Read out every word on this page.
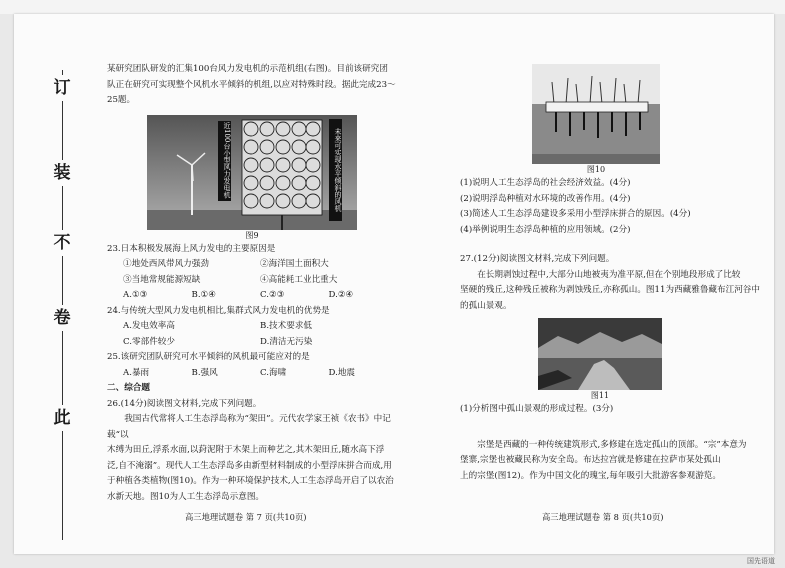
此
卷
不
装
订

某研究团队研发的汇集100台风力发电机的示范机组(右图)。目前该研究团

队正在研究可实现整个风机水平倾斜的机组,以应对特殊时段。据此完成23～

25题。

近100台小型风力发电机	未来可实现水平倾斜的风机
图9

23.日本积极发展海上风力发电的主要原因是

①地处西风带风力强劲	②海洋国土面积大
③当地常规能源短缺	④高能耗工业比重大
A.①③	B.①④	C.②③	D.②④

24.与传统大型风力发电机相比,集群式风力发电机的优势是

A.发电效率高	B.技术要求低
C.零部件较少	D.清洁无污染

25.该研究团队研究可水平倾斜的风机最可能应对的是

A.暴雨	B.强风	C.海啸	D.地震

二、综合题

26.(14分)阅读图文材料,完成下列问题。

我国古代常将人工生态浮岛称为“架田”。元代农学家王祯《农书》中记载“以

木缚为田丘,浮系水面,以葑泥附于木架上而种艺之,其木架田丘,随水高下浮

泛,自不淹溺”。现代人工生态浮岛多由新型材料制成的小型浮床拼合而成,用

于种植各类植物(图10)。作为一种环境保护技术,人工生态浮岛开启了以农治

水新天地。图10为人工生态浮岛示意图。

高三地理试题卷 第 7 页(共10页)
图10

(1)说明人工生态浮岛的社会经济效益。(4分)

(2)说明浮岛种植对水环境的改善作用。(4分)

(3)简述人工生态浮岛建设多采用小型浮床拼合的原因。(4分)

(4)举例说明生态浮岛种植的应用领域。(2分)

27.(12分)阅读图文材料,完成下列问题。

在长期剥蚀过程中,大部分山地被夷为准平原,但在个别地段形成了比较

坚硬的残丘,这种残丘被称为剥蚀残丘,亦称孤山。图11为西藏雅鲁藏布江河谷中

的孤山景观。

图11

(1)分析图中孤山景观的形成过程。(3分)

宗堡是西藏的一种传统建筑形式,多修建在选定孤山的顶部。“宗”本意为

堡寨,宗堡也被藏民称为安全岛。布达拉宫就是修建在拉萨市某处孤山

上的宗堡(图12)。作为中国文化的瑰宝,每年吸引大批游客参观游览。

高三地理试题卷 第 8 页(共10页)
国先语道
